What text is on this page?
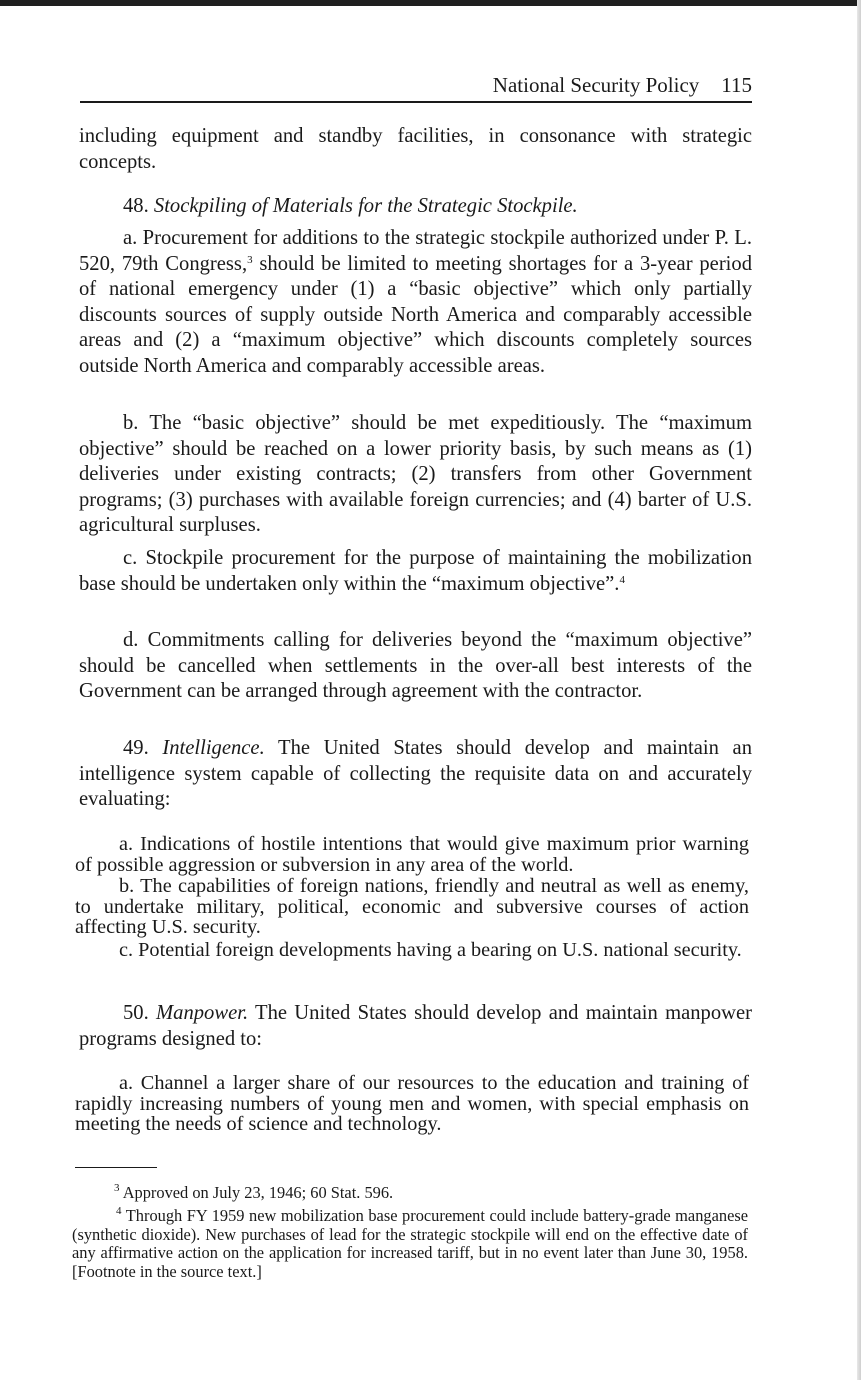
National Security Policy 115
including equipment and standby facilities, in consonance with strategic concepts.
48. Stockpiling of Materials for the Strategic Stockpile.
a. Procurement for additions to the strategic stockpile authorized under P. L. 520, 79th Congress,$^3$ should be limited to meeting shortages for a 3-year period of national emergency under (1) a “basic objective” which only partially discounts sources of supply outside North America and comparably accessible areas and (2) a “maximum objective” which discounts completely sources outside North America and comparably accessible areas.
b. The “basic objective” should be met expeditiously. The “maximum objective” should be reached on a lower priority basis, by such means as (1) deliveries under existing contracts; (2) transfers from other Government programs; (3) purchases with available foreign currencies; and (4) barter of U.S. agricultural surpluses.
c. Stockpile procurement for the purpose of maintaining the mobilization base should be undertaken only within the “maximum objective”.$^4$
d. Commitments calling for deliveries beyond the “maximum objective” should be cancelled when settlements in the over-all best interests of the Government can be arranged through agreement with the contractor.
49. Intelligence. The United States should develop and maintain an intelligence system capable of collecting the requisite data on and accurately evaluating:
a. Indications of hostile intentions that would give maximum prior warning of possible aggression or subversion in any area of the world.
b. The capabilities of foreign nations, friendly and neutral as well as enemy, to undertake military, political, economic and subversive courses of action affecting U.S. security.
c. Potential foreign developments having a bearing on U.S. national security.
50. Manpower. The United States should develop and maintain manpower programs designed to:
a. Channel a larger share of our resources to the education and training of rapidly increasing numbers of young men and women, with special emphasis on meeting the needs of science and technology.
$^3$ Approved on July 23, 1946; 60 Stat. 596.
$^4$ Through FY 1959 new mobilization base procurement could include battery-grade manganese (synthetic dioxide). New purchases of lead for the strategic stockpile will end on the effective date of any affirmative action on the application for increased tariff, but in no event later than June 30, 1958. [Footnote in the source text.]
